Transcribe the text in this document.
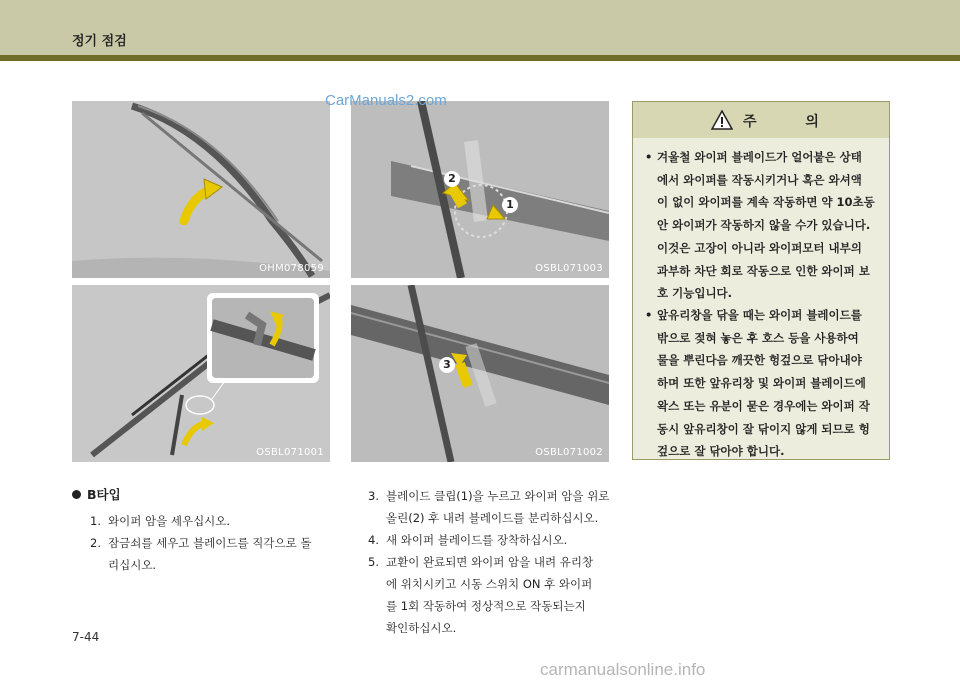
정기 점검
OHM078059
2
1
OSBL071003
OSBL071001
3
OSBL071002
CarManuals2.com
주 의
• 겨울철 와이퍼 블레이드가 얼어붙은 상태
에서 와이퍼를 작동시키거나 혹은 와셔액
이 없이 와이퍼를 계속 작동하면 약 10초동
안 와이퍼가 작동하지 않을 수가 있습니다.
이것은 고장이 아니라 와이퍼모터 내부의
과부하 차단 회로 작동으로 인한 와이퍼 보
호 기능입니다.
• 앞유리창을 닦을 때는 와이퍼 블레이드를
밖으로 젖혀 놓은 후 호스 등을 사용하여
물을 뿌린다음 깨끗한 헝겊으로 닦아내야
하며 또한 앞유리창 및 와이퍼 블레이드에
왁스 또는 유분이 묻은 경우에는 와이퍼 작
동시 앞유리창이 잘 닦이지 않게 되므로 헝
겊으로 잘 닦아야 합니다.
B타입
1. 와이퍼 암을 세우십시오.
2. 잠금쇠를 세우고 블레이드를 직각으로 돌
리십시오.
3. 블레이드 클립(1)을 누르고 와이퍼 암을 위로
올린(2) 후 내려 블레이드를 분리하십시오.
4. 새 와이퍼 블레이드를 장착하십시오.
5. 교환이 완료되면 와이퍼 암을 내려 유리창
에 위치시키고 시동 스위치 ON 후 와이퍼
를 1회 작동하여 정상적으로 작동되는지
확인하십시오.
7-44
carmanualsonline.info
